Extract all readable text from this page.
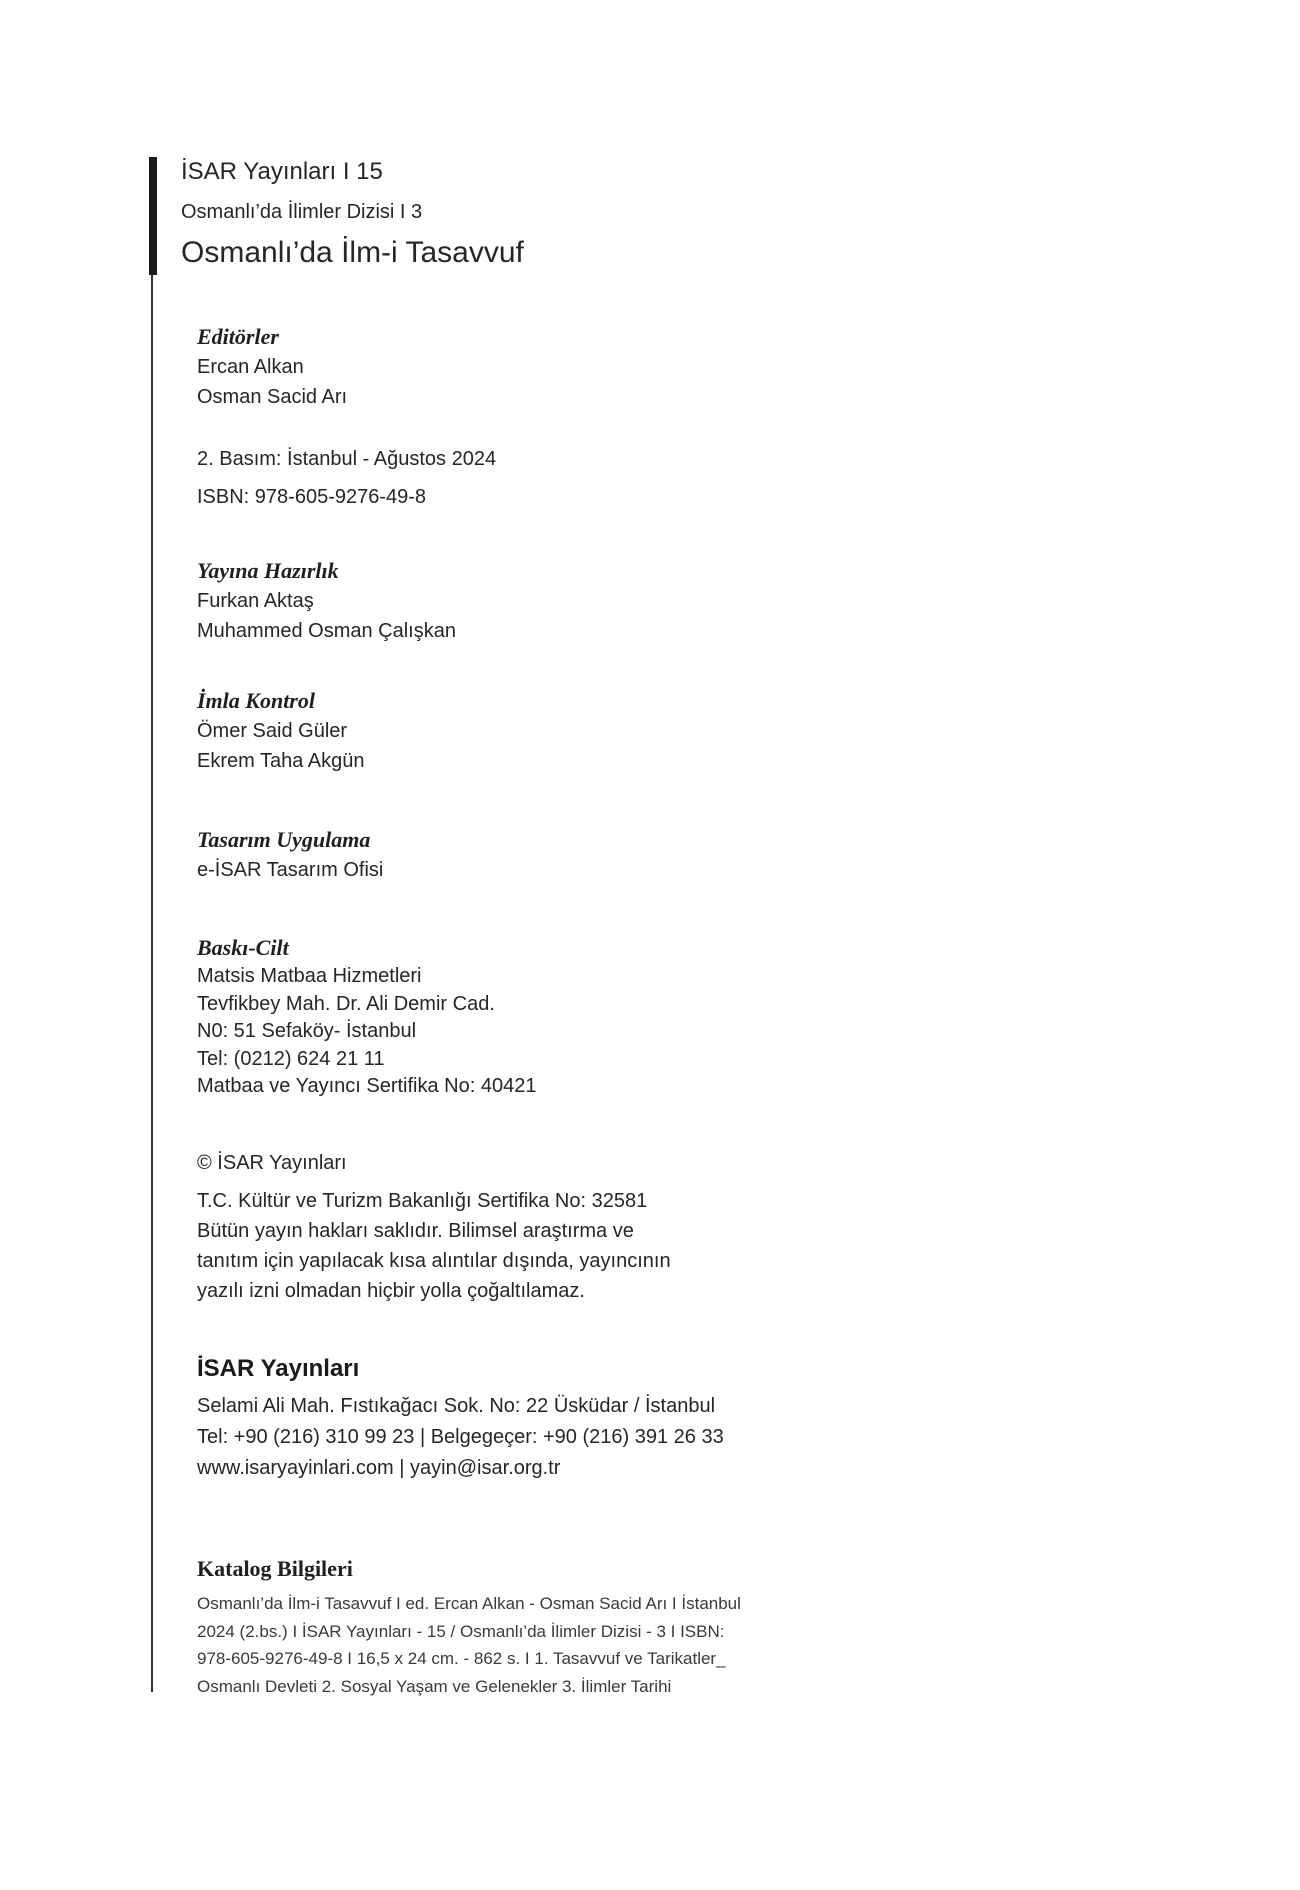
İSAR Yayınları I 15

Osmanlı’da İlimler Dizisi I 3

Osmanlı’da İlm-i Tasavvuf

Editörler

Ercan Alkan

Osman Sacid Arı

2. Basım: İstanbul - Ağustos 2024

ISBN: 978-605-9276-49-8

Yayına Hazırlık

Furkan Aktaş

Muhammed Osman Çalışkan

İmla Kontrol

Ömer Said Güler

Ekrem Taha Akgün

Tasarım Uygulama

e-İSAR Tasarım Ofisi

Baskı-Cilt

Matsis Matbaa Hizmetleri

Tevfikbey Mah. Dr. Ali Demir Cad.

N0: 51 Sefaköy- İstanbul

Tel: (0212) 624 21 11

Matbaa ve Yayıncı Sertifika No: 40421

© İSAR Yayınları

T.C. Kültür ve Turizm Bakanlığı Sertifika No: 32581

Bütün yayın hakları saklıdır. Bilimsel araştırma ve

tanıtım için yapılacak kısa alıntılar dışında, yayıncının

yazılı izni olmadan hiçbir yolla çoğaltılamaz.

İSAR Yayınları

Selami Ali Mah. Fıstıkağacı Sok. No: 22 Üsküdar / İstanbul

Tel: +90 (216) 310 99 23 | Belgegeçer: +90 (216) 391 26 33

www.isaryayinlari.com | yayin@isar.org.tr

Katalog Bilgileri

Osmanlı’da İlm-i Tasavvuf I ed. Ercan Alkan - Osman Sacid Arı I İstanbul

2024 (2.bs.) I İSAR Yayınları - 15 / Osmanlı’da İlimler Dizisi - 3 I ISBN:

978-605-9276-49-8 I 16,5 x 24 cm. - 862 s. I 1. Tasavvuf ve Tarikatler_

Osmanlı Devleti 2. Sosyal Yaşam ve Gelenekler 3. İlimler Tarihi
